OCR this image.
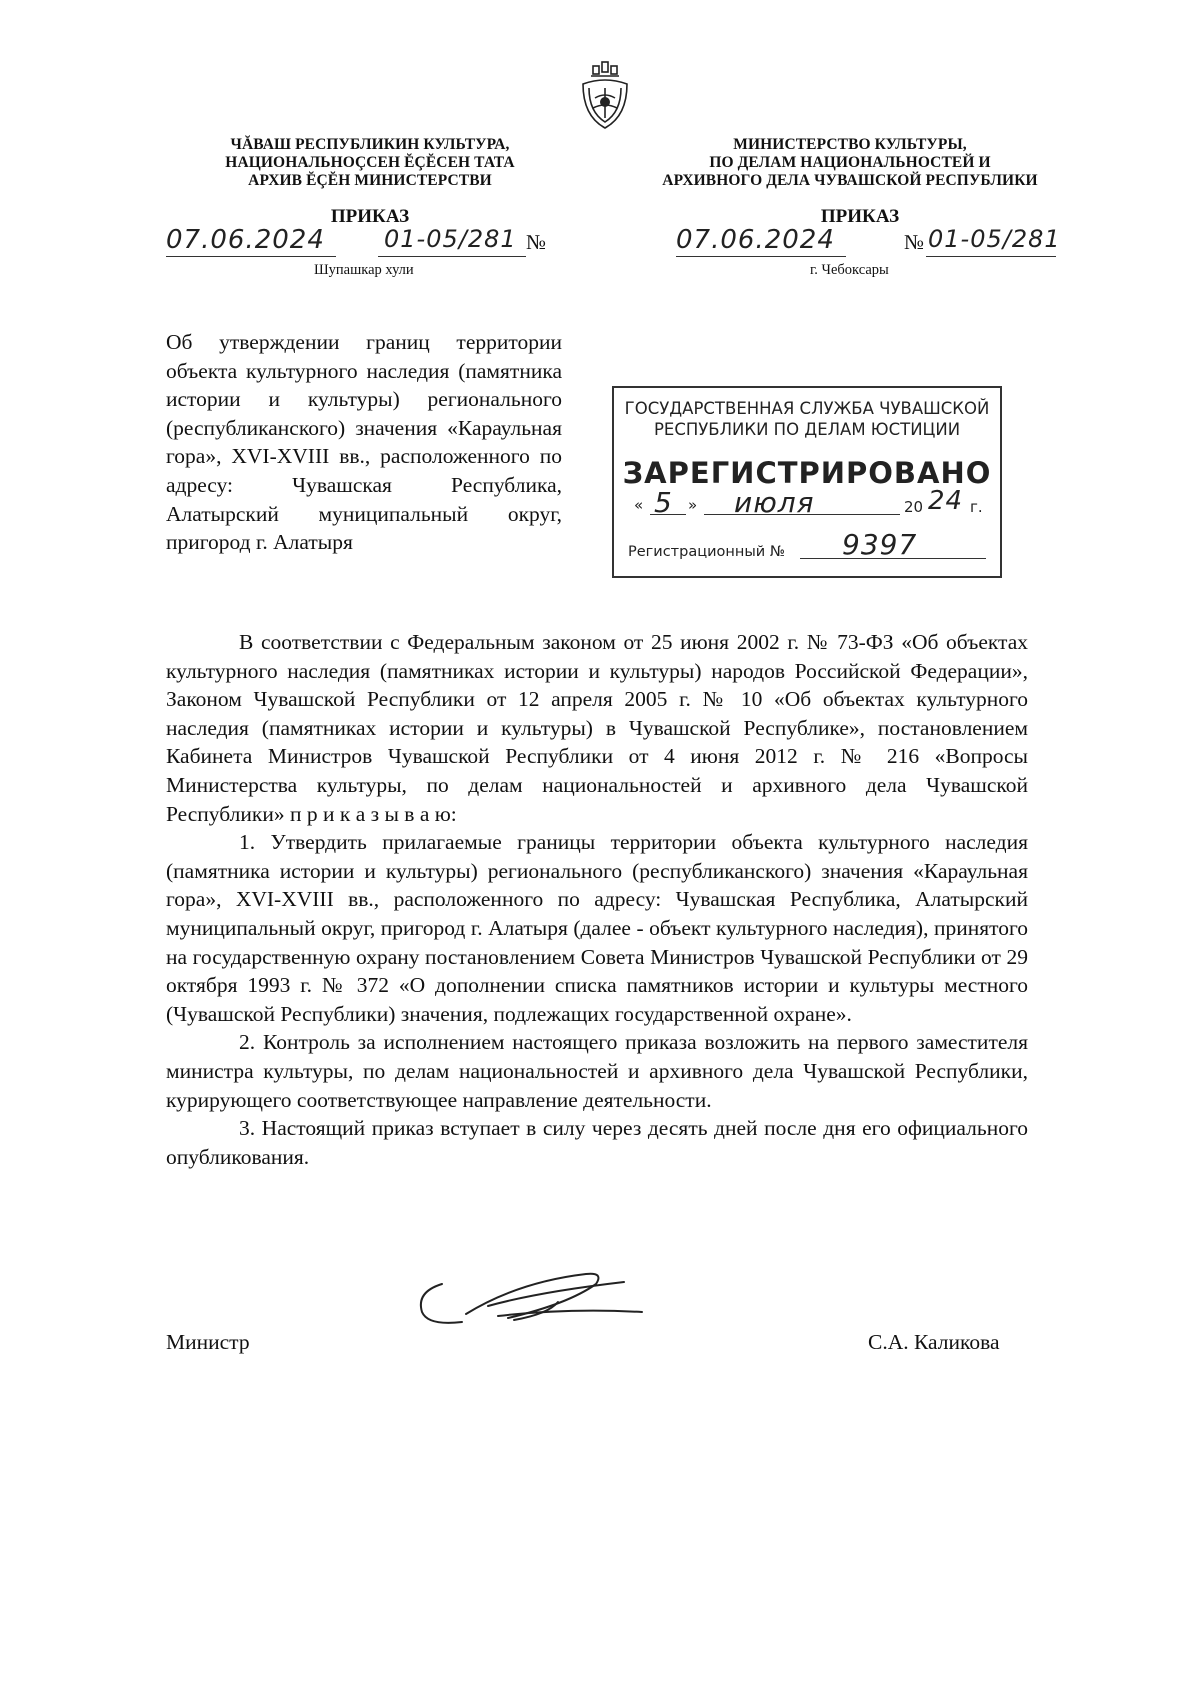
ЧĂВАШ РЕСПУБЛИКИН КУЛЬТУРА,
НАЦИОНАЛЬНОÇСЕН ĔÇĔСЕН ТАТА
АРХИВ ĔÇĔН МИНИСТЕРСТВИ
ПРИКАЗ
07.06.2024 01-05/281 №
Шупашкар хули
МИНИСТЕРСТВО КУЛЬТУРЫ,
ПО ДЕЛАМ НАЦИОНАЛЬНОСТЕЙ И
АРХИВНОГО ДЕЛА ЧУВАШСКОЙ РЕСПУБЛИКИ
ПРИКАЗ
07.06.2024	№ 01-05/281
г. Чебоксары
Об утверждении границ территории объекта культурного наследия (памятника истории и культуры) регионального (республиканского) значения «Караульная гора», XVI-XVIII вв., расположенного по адресу: Чувашская Республика, Алатырский муниципальный округ, пригород г. Алатыря
ГОСУДАРСТВЕННАЯ СЛУЖБА ЧУВАШСКОЙ
РЕСПУБЛИКИ ПО ДЕЛАМ ЮСТИЦИИ
ЗАРЕГИСТРИРОВАНО
« 5 » июля	20 24 г.
Регистрационный № 9397

В соответствии с Федеральным законом от 25 июня 2002 г. № 73-ФЗ «Об объектах культурного наследия (памятниках истории и культуры) народов Российской Федерации», Законом Чувашской Республики от 12 апреля 2005 г. № 10 «Об объектах культурного наследия (памятниках истории и культуры) в Чувашской Республике», постановлением Кабинета Министров Чувашской Республики от 4 июня 2012 г. № 216 «Вопросы Министерства культуры, по делам национальностей и архивного дела Чувашской Республики» п р и к а з ы в а ю:

1. Утвердить прилагаемые границы территории объекта культурного наследия (памятника истории и культуры) регионального (республиканского) значения «Караульная гора», XVI-XVIII вв., расположенного по адресу: Чувашская Республика, Алатырский муниципальный округ, пригород г. Алатыря (далее - объект культурного наследия), принятого на государственную охрану постановлением Совета Министров Чувашской Республики от 29 октября 1993 г. № 372 «О дополнении списка памятников истории и культуры местного (Чувашской Республики) значения, подлежащих государственной охране».

2. Контроль за исполнением настоящего приказа возложить на первого заместителя министра культуры, по делам национальностей и архивного дела Чувашской Республики, курирующего соответствующее направление деятельности.

3. Настоящий приказ вступает в силу через десять дней после дня его официального опубликования.

Министр	С.А. Каликова
